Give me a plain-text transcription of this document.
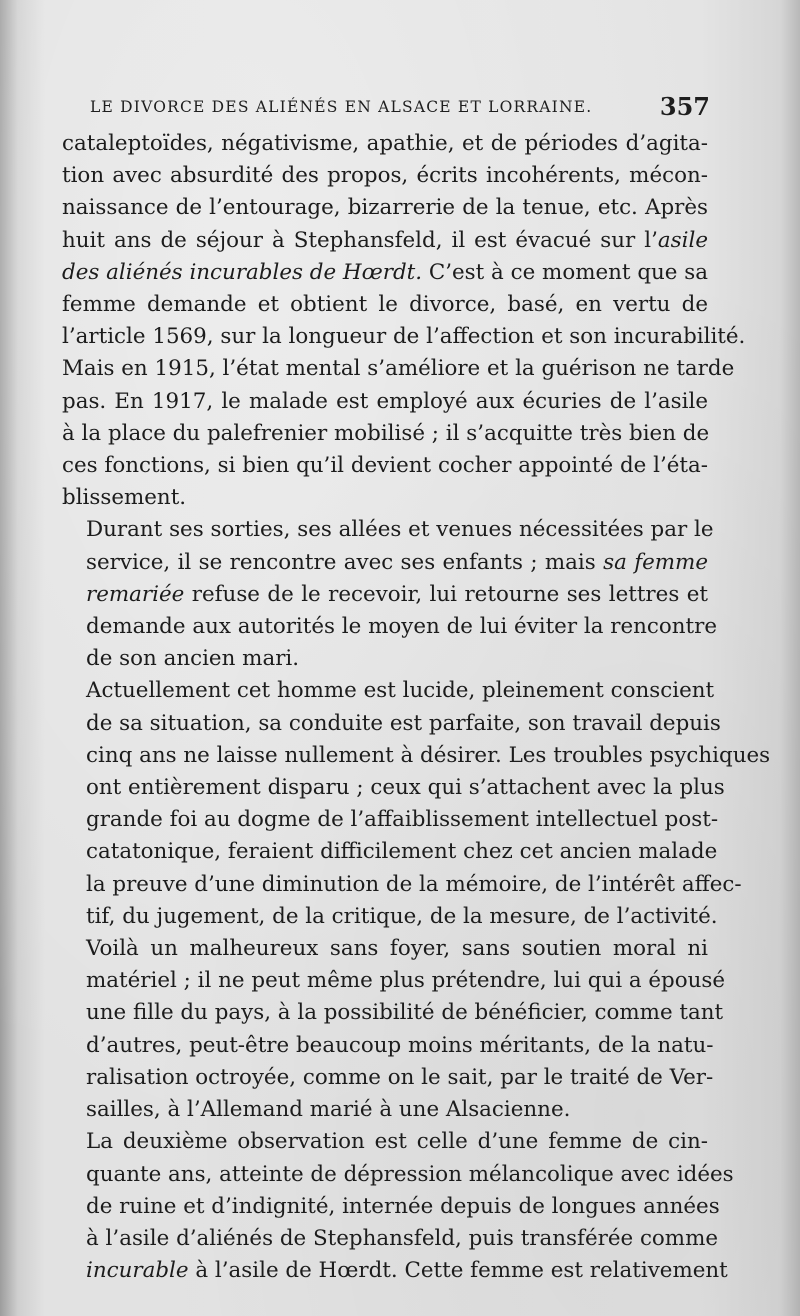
LE DIVORCE DES ALIÉNÉS EN ALSACE ET LORRAINE.	357

cataleptoïdes, négativisme, apathie, et de périodes d’agita-
tion avec absurdité des propos, écrits incohérents, mécon-
naissance de l’entourage, bizarrerie de la tenue, etc. Après
huit ans de séjour à Stephansfeld, il est évacué sur l’asile
des aliénés incurables de Hœrdt. C’est à ce moment que sa
femme demande et obtient le divorce, basé, en vertu de
l’article 1569, sur la longueur de l’affection et son incurabilité.
Mais en 1915, l’état mental s’améliore et la guérison ne tarde
pas. En 1917, le malade est employé aux écuries de l’asile
à la place du palefrenier mobilisé ; il s’acquitte très bien de
ces fonctions, si bien qu’il devient cocher appointé de l’éta-
blissement.

Durant ses sorties, ses allées et venues nécessitées par le
service, il se rencontre avec ses enfants ; mais sa femme
remariée refuse de le recevoir, lui retourne ses lettres et
demande aux autorités le moyen de lui éviter la rencontre
de son ancien mari.

Actuellement cet homme est lucide, pleinement conscient
de sa situation, sa conduite est parfaite, son travail depuis
cinq ans ne laisse nullement à désirer. Les troubles psychiques
ont entièrement disparu ; ceux qui s’attachent avec la plus
grande foi au dogme de l’affaiblissement intellectuel post-
catatonique, feraient difficilement chez cet ancien malade
la preuve d’une diminution de la mémoire, de l’intérêt affec-
tif, du jugement, de la critique, de la mesure, de l’activité.

Voilà un malheureux sans foyer, sans soutien moral ni
matériel ; il ne peut même plus prétendre, lui qui a épousé
une fille du pays, à la possibilité de bénéficier, comme tant
d’autres, peut-être beaucoup moins méritants, de la natu-
ralisation octroyée, comme on le sait, par le traité de Ver-
sailles, à l’Allemand marié à une Alsacienne.

La deuxième observation est celle d’une femme de cin-
quante ans, atteinte de dépression mélancolique avec idées
de ruine et d’indignité, internée depuis de longues années
à l’asile d’aliénés de Stephansfeld, puis transférée comme
incurable à l’asile de Hœrdt. Cette femme est relativement
